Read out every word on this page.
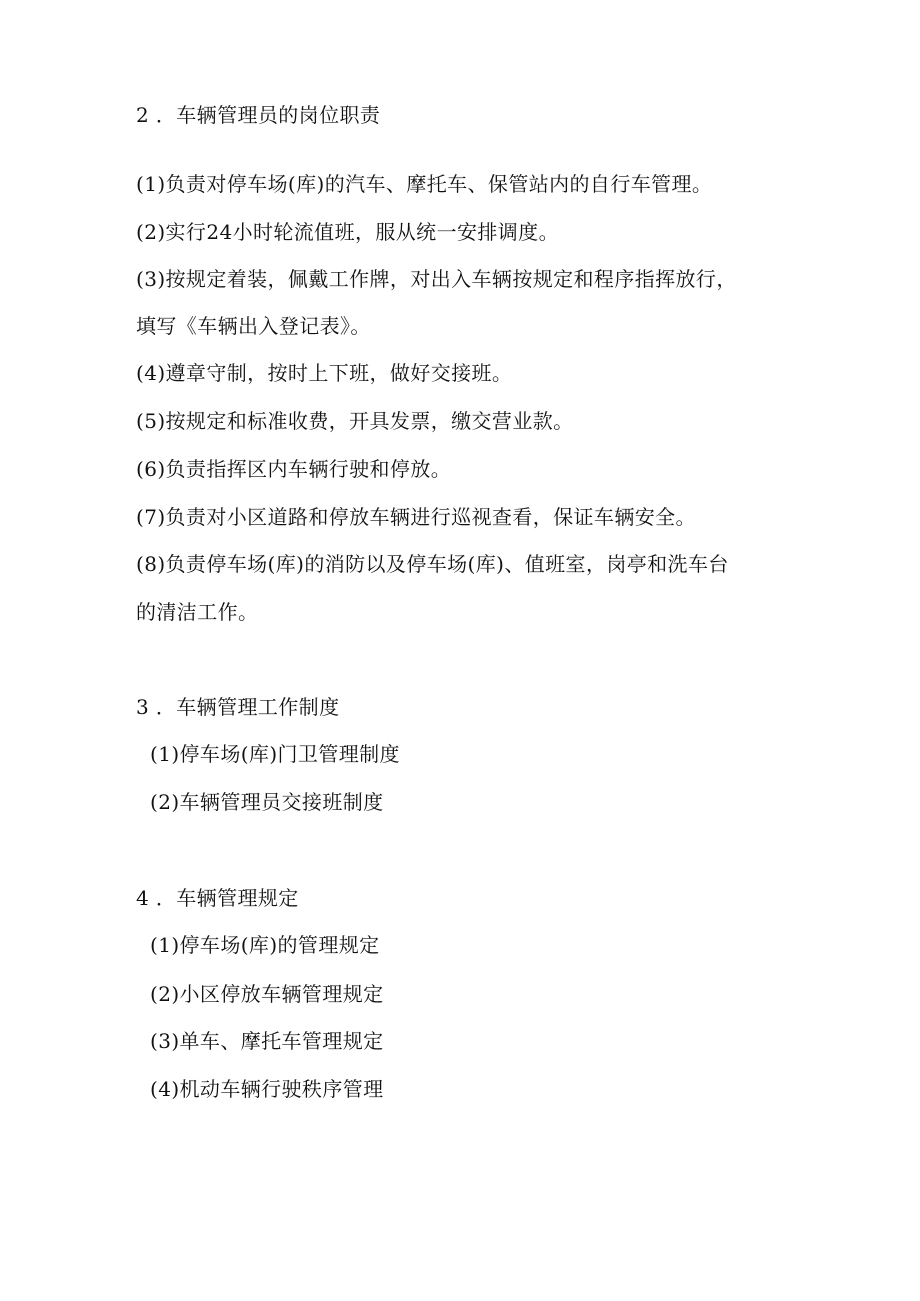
2 ．车辆管理员的岗位职责
(1)负责对停车场(库)的汽车、摩托车、保管站内的自行车管理。
(2)实行24小时轮流值班，服从统一安排调度。
(3)按规定着装，佩戴工作牌，对出入车辆按规定和程序指挥放行，
填写《车辆出入登记表》。
(4)遵章守制，按时上下班，做好交接班。
(5)按规定和标准收费，开具发票，缴交营业款。
(6)负责指挥区内车辆行驶和停放。
(7)负责对小区道路和停放车辆进行巡视查看，保证车辆安全。
(8)负责停车场(库)的消防以及停车场(库)、值班室，岗亭和洗车台
的清洁工作。
3 ．车辆管理工作制度
(1)停车场(库)门卫管理制度
(2)车辆管理员交接班制度
4 ．车辆管理规定
(1)停车场(库)的管理规定
(2)小区停放车辆管理规定
(3)单车、摩托车管理规定
(4)机动车辆行驶秩序管理
